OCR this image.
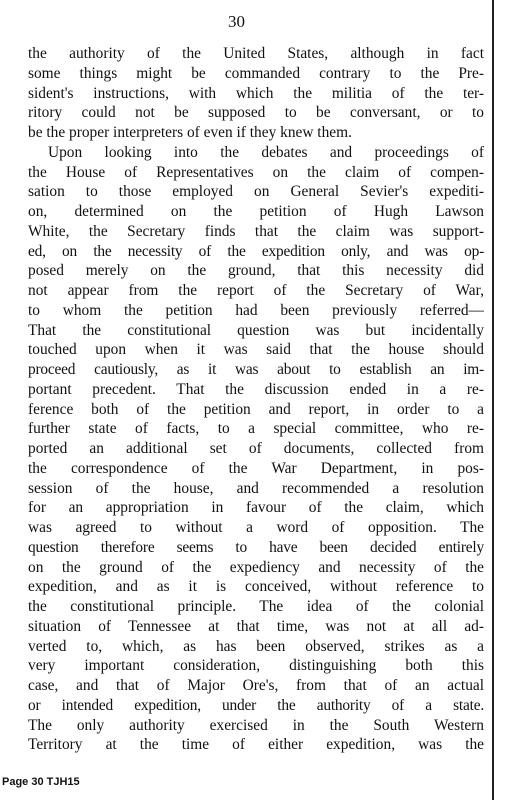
30
the authority of the United States, although in fact
some things might be commanded contrary to the Pre-
sident's instructions, with which the militia of the ter-
ritory could not be supposed to be conversant, or to
be the proper interpreters of even if they knew them.
Upon looking into the debates and proceedings of
the House of Representatives on the claim of compen-
sation to those employed on General Sevier's expediti-
on, determined on the petition of Hugh Lawson
White, the Secretary finds that the claim was support-
ed, on the necessity of the expedition only, and was op-
posed merely on the ground, that this necessity did
not appear from the report of the Secretary of War,
to whom the petition had been previously referred—
That the constitutional question was but incidentally
touched upon when it was said that the house should
proceed cautiously, as it was about to establish an im-
portant precedent. That the discussion ended in a re-
ference both of the petition and report, in order to a
further state of facts, to a special committee, who re-
ported an additional set of documents, collected from
the correspondence of the War Department, in pos-
session of the house, and recommended a resolution
for an appropriation in favour of the claim, which
was agreed to without a word of opposition. The
question therefore seems to have been decided entirely
on the ground of the expediency and necessity of the
expedition, and as it is conceived, without reference to
the constitutional principle. The idea of the colonial
situation of Tennessee at that time, was not at all ad-
verted to, which, as has been observed, strikes as a
very important consideration, distinguishing both this
case, and that of Major Ore's, from that of an actual
or intended expedition, under the authority of a state.
The only authority exercised in the South Western
Territory at the time of either expedition, was the
Page 30 TJH15
